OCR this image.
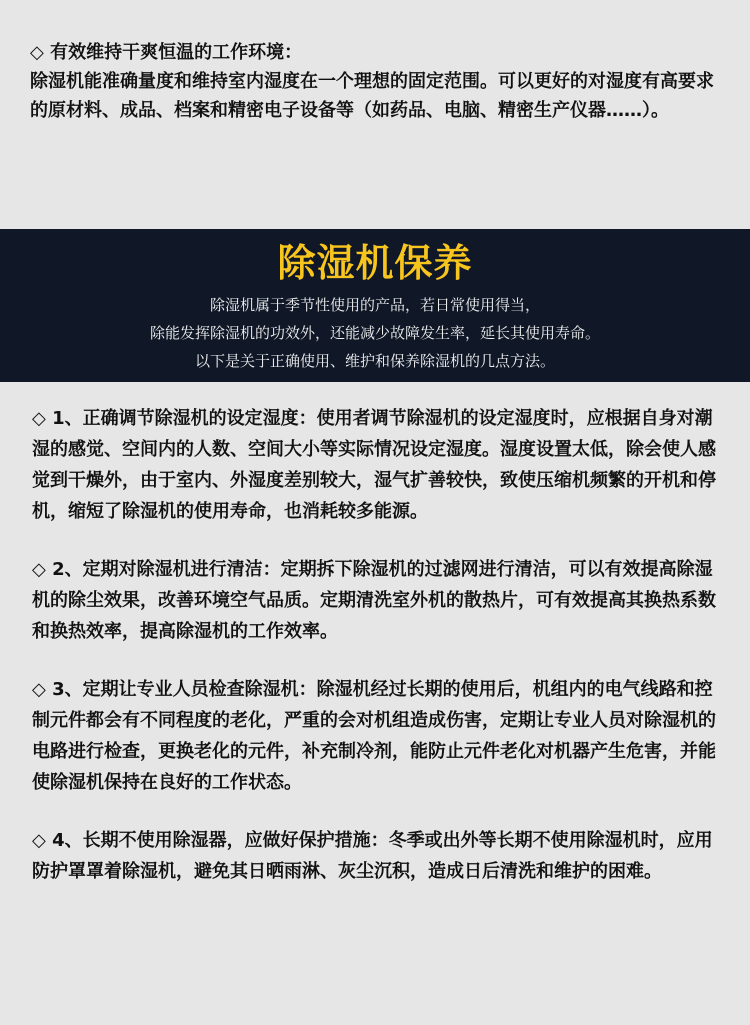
◇ 有效维持干爽恒温的工作环境：

除湿机能准确量度和维持室内湿度在一个理想的固定范围。可以更好的对湿度有高要求的原材料、成品、档案和精密电子设备等（如药品、电脑、精密生产仪器……）。

除湿机保养
除湿机属于季节性使用的产品，若日常使用得当，
除能发挥除湿机的功效外，还能减少故障发生率，延长其使用寿命。
以下是关于正确使用、维护和保养除湿机的几点方法。

◇ 1、正确调节除湿机的设定湿度：使用者调节除湿机的设定湿度时，应根据自身对潮湿的感觉、空间内的人数、空间大小等实际情况设定湿度。湿度设置太低，除会使人感觉到干燥外，由于室内、外湿度差别较大，湿气扩善较快，致使压缩机频繁的开机和停机，缩短了除湿机的使用寿命，也消耗较多能源。

◇ 2、定期对除湿机进行清洁：定期拆下除湿机的过滤网进行清洁，可以有效提高除湿机的除尘效果，改善环境空气品质。定期清洗室外机的散热片，可有效提高其换热系数和换热效率，提高除湿机的工作效率。

◇ 3、定期让专业人员检查除湿机：除湿机经过长期的使用后，机组内的电气线路和控制元件都会有不同程度的老化，严重的会对机组造成伤害，定期让专业人员对除湿机的电路进行检查，更换老化的元件，补充制冷剂，能防止元件老化对机器产生危害，并能使除湿机保持在良好的工作状态。

◇ 4、长期不使用除湿器，应做好保护措施：冬季或出外等长期不使用除湿机时，应用防护罩罩着除湿机，避免其日晒雨淋、灰尘沉积，造成日后清洗和维护的困难。
